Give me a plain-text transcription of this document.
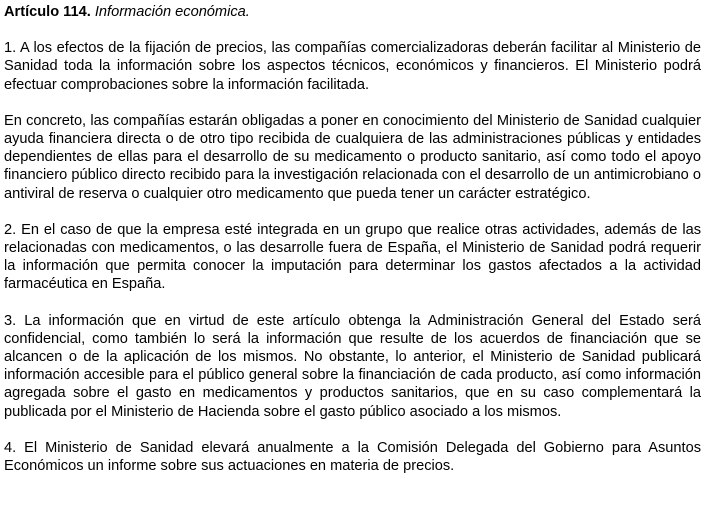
Artículo 114. Información económica.

1. A los efectos de la fijación de precios, las compañías comercializadoras deberán facilitar al Ministerio de Sanidad toda la información sobre los aspectos técnicos, económicos y financieros. El Ministerio podrá efectuar comprobaciones sobre la información facilitada.

En concreto, las compañías estarán obligadas a poner en conocimiento del Ministerio de Sanidad cualquier ayuda financiera directa o de otro tipo recibida de cualquiera de las administraciones públicas y entidades dependientes de ellas para el desarrollo de su medicamento o producto sanitario, así como todo el apoyo financiero público directo recibido para la investigación relacionada con el desarrollo de un antimicrobiano o antiviral de reserva o cualquier otro medicamento que pueda tener un carácter estratégico.

2. En el caso de que la empresa esté integrada en un grupo que realice otras actividades, además de las relacionadas con medicamentos, o las desarrolle fuera de España, el Ministerio de Sanidad podrá requerir la información que permita conocer la imputación para determinar los gastos afectados a la actividad farmacéutica en España.

3. La información que en virtud de este artículo obtenga la Administración General del Estado será confidencial, como también lo será la información que resulte de los acuerdos de financiación que se alcancen o de la aplicación de los mismos. No obstante, lo anterior, el Ministerio de Sanidad publicará información accesible para el público general sobre la financiación de cada producto, así como información agregada sobre el gasto en medicamentos y productos sanitarios, que en su caso complementará la publicada por el Ministerio de Hacienda sobre el gasto público asociado a los mismos.

4. El Ministerio de Sanidad elevará anualmente a la Comisión Delegada del Gobierno para Asuntos Económicos un informe sobre sus actuaciones en materia de precios.
